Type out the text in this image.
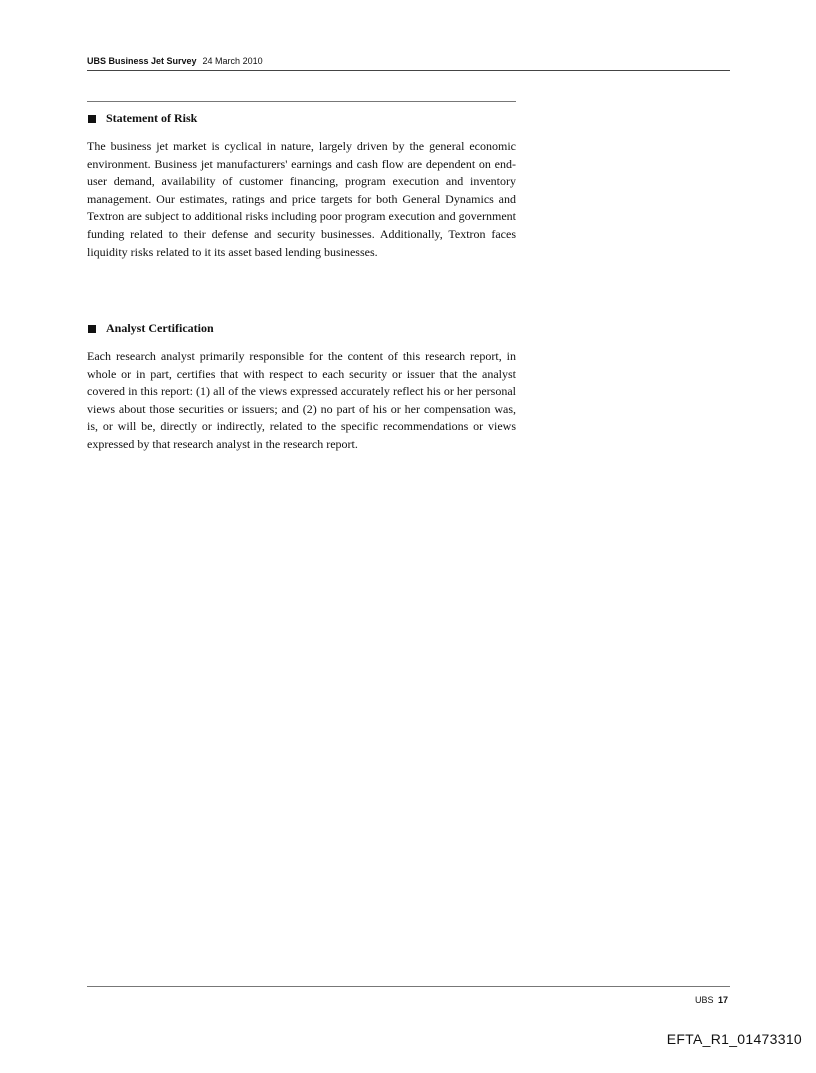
UBS Business Jet Survey 24 March 2010
Statement of Risk

The business jet market is cyclical in nature, largely driven by the general economic environment. Business jet manufacturers' earnings and cash flow are dependent on end-user demand, availability of customer financing, program execution and inventory management. Our estimates, ratings and price targets for both General Dynamics and Textron are subject to additional risks including poor program execution and government funding related to their defense and security businesses. Additionally, Textron faces liquidity risks related to it its asset based lending businesses.

Analyst Certification

Each research analyst primarily responsible for the content of this research report, in whole or in part, certifies that with respect to each security or issuer that the analyst covered in this report: (1) all of the views expressed accurately reflect his or her personal views about those securities or issuers; and (2) no part of his or her compensation was, is, or will be, directly or indirectly, related to the specific recommendations or views expressed by that research analyst in the research report.

UBS 17
EFTA_R1_01473310
